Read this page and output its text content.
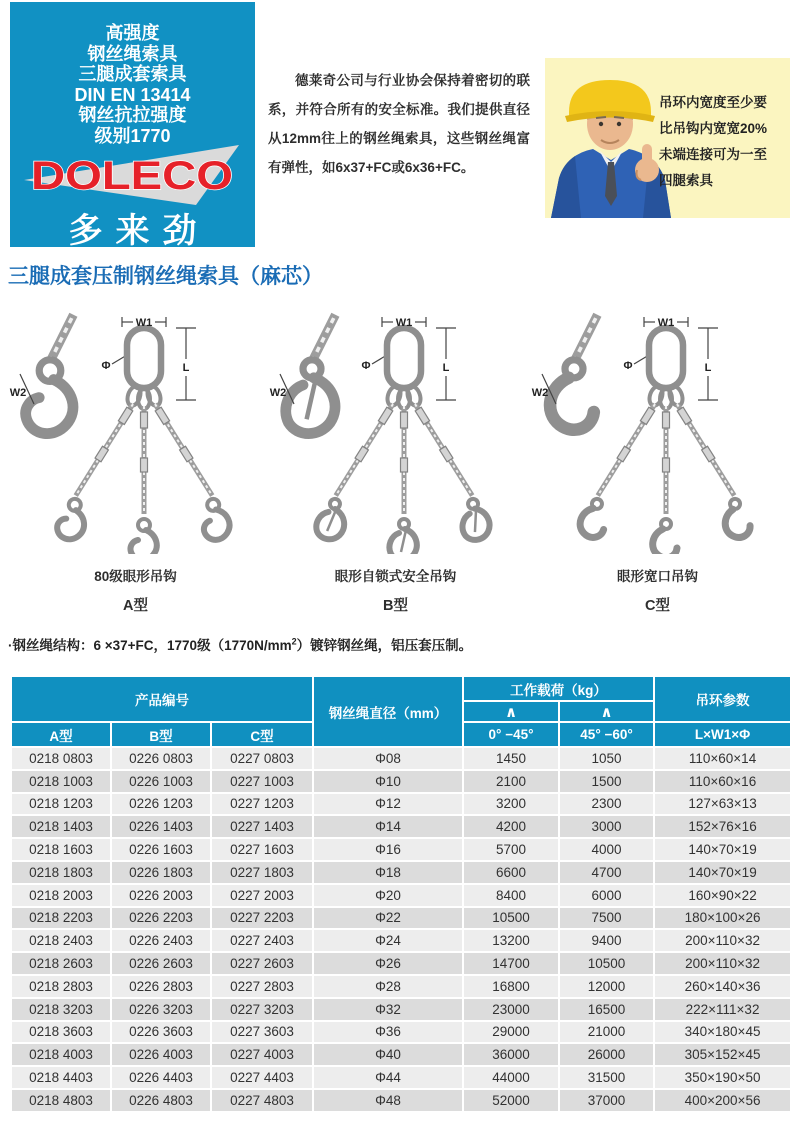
高强度
钢丝绳索具
三腿成套索具
DIN EN 13414
钢丝抗拉强度
级别1770
DOLECO
多来劲
德莱奇公司与行业协会保持着密切的联系，并符合所有的安全标准。我们提供直径从12mm往上的钢丝绳索具，这些钢丝绳富有弹性，如6x37+FC或6x36+FC。
吊环内宽度至少要
比吊钩内宽宽20%
未端连接可为一至
四腿索具
三腿成套压制钢丝绳索具（麻芯）
W1
Φ	L
W2
80级眼形吊钩
A型
W1
Φ	L
W2
眼形自锁式安全吊钩
B型
W1
Φ	L
W2
眼形宽口吊钩
C型
·钢丝绳结构：6 ×37+FC，1770级$(1770N/mm^2)$镀锌钢丝绳，铝压套压制。
产品编号			钢丝绳直径（mm）	工作载荷（kg）		吊环参数
				∧	∧	
A型	B型	C型		0° −45°	45° −60°	L×W1×Φ
0218 0803	0226 0803	0227 0803	Φ08	1450	1050	110×60×14
0218 1003	0226 1003	0227 1003	Φ10	2100	1500	110×60×16
0218 1203	0226 1203	0227 1203	Φ12	3200	2300	127×63×13
0218 1403	0226 1403	0227 1403	Φ14	4200	3000	152×76×16
0218 1603	0226 1603	0227 1603	Φ16	5700	4000	140×70×19
0218 1803	0226 1803	0227 1803	Φ18	6600	4700	140×70×19
0218 2003	0226 2003	0227 2003	Φ20	8400	6000	160×90×22
0218 2203	0226 2203	0227 2203	Φ22	10500	7500	180×100×26
0218 2403	0226 2403	0227 2403	Φ24	13200	9400	200×110×32
0218 2603	0226 2603	0227 2603	Φ26	14700	10500	200×110×32
0218 2803	0226 2803	0227 2803	Φ28	16800	12000	260×140×36
0218 3203	0226 3203	0227 3203	Φ32	23000	16500	222×111×32
0218 3603	0226 3603	0227 3603	Φ36	29000	21000	340×180×45
0218 4003	0226 4003	0227 4003	Φ40	36000	26000	305×152×45
0218 4403	0226 4403	0227 4403	Φ44	44000	31500	350×190×50
0218 4803	0226 4803	0227 4803	Φ48	52000	37000	400×200×56
